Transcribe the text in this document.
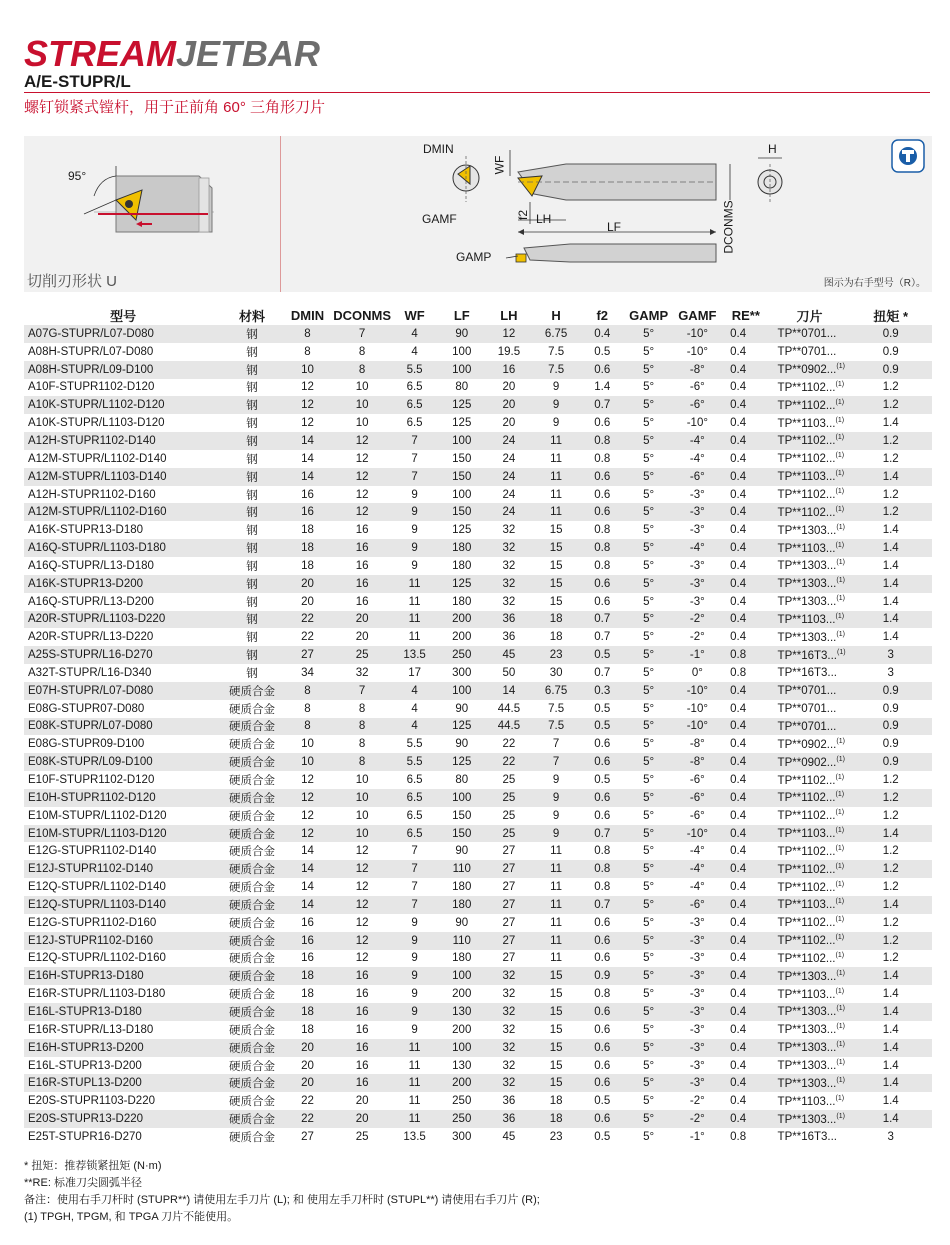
STREAMJETBAR
A/E-STUPR/L
螺钉锁紧式镗杆，用于正前角 60° 三角形刀片
95°
切削刃形状 U
DMIN
GAMF
WF
f2 LH
LF
GAMP
DCONMS
H
图示为右手型号（R）。
型号	材料	DMIN	DCONMS	WF	LF	LH	H	f2	GAMP	GAMF	RE**	刀片	扭矩 *
A07G-STUPR/L07-D080	钢	8	7	4	90	12	6.75	0.4	5°	-10°	0.4	TP**0701...	0.9
A08H-STUPR/L07-D080	钢	8	8	4	100	19.5	7.5	0.5	5°	-10°	0.4	TP**0701...	0.9
A08H-STUPR/L09-D100	钢	10	8	5.5	100	16	7.5	0.6	5°	-8°	0.4	TP**0902...$^{(1)}$	0.9
A10F-STUPR1102-D120	钢	12	10	6.5	80	20	9	1.4	5°	-6°	0.4	TP**1102...$^{(1)}$	1.2
A10K-STUPR/L1102-D120	钢	12	10	6.5	125	20	9	0.7	5°	-6°	0.4	TP**1102...$^{(1)}$	1.2
A10K-STUPR/L1103-D120	钢	12	10	6.5	125	20	9	0.6	5°	-10°	0.4	TP**1103...$^{(1)}$	1.4
A12H-STUPR1102-D140	钢	14	12	7	100	24	11	0.8	5°	-4°	0.4	TP**1102...$^{(1)}$	1.2
A12M-STUPR/L1102-D140	钢	14	12	7	150	24	11	0.8	5°	-4°	0.4	TP**1102...$^{(1)}$	1.2
A12M-STUPR/L1103-D140	钢	14	12	7	150	24	11	0.6	5°	-6°	0.4	TP**1103...$^{(1)}$	1.4
A12H-STUPR1102-D160	钢	16	12	9	100	24	11	0.6	5°	-3°	0.4	TP**1102...$^{(1)}$	1.2
A12M-STUPR/L1102-D160	钢	16	12	9	150	24	11	0.6	5°	-3°	0.4	TP**1102...$^{(1)}$	1.2
A16K-STUPR13-D180	钢	18	16	9	125	32	15	0.8	5°	-3°	0.4	TP**1303...$^{(1)}$	1.4
A16Q-STUPR/L1103-D180	钢	18	16	9	180	32	15	0.8	5°	-4°	0.4	TP**1103...$^{(1)}$	1.4
A16Q-STUPR/L13-D180	钢	18	16	9	180	32	15	0.8	5°	-3°	0.4	TP**1303...$^{(1)}$	1.4
A16K-STUPR13-D200	钢	20	16	11	125	32	15	0.6	5°	-3°	0.4	TP**1303...$^{(1)}$	1.4
A16Q-STUPR/L13-D200	钢	20	16	11	180	32	15	0.6	5°	-3°	0.4	TP**1303...$^{(1)}$	1.4
A20R-STUPR/L1103-D220	钢	22	20	11	200	36	18	0.7	5°	-2°	0.4	TP**1103...$^{(1)}$	1.4
A20R-STUPR/L13-D220	钢	22	20	11	200	36	18	0.7	5°	-2°	0.4	TP**1303...$^{(1)}$	1.4
A25S-STUPR/L16-D270	钢	27	25	13.5	250	45	23	0.5	5°	-1°	0.8	TP**16T3...$^{(1)}$	3
A32T-STUPR/L16-D340	钢	34	32	17	300	50	30	0.7	5°	0°	0.8	TP**16T3...	3
E07H-STUPR/L07-D080	硬质合金	8	7	4	100	14	6.75	0.3	5°	-10°	0.4	TP**0701...	0.9
E08G-STUPR07-D080	硬质合金	8	8	4	90	44.5	7.5	0.5	5°	-10°	0.4	TP**0701...	0.9
E08K-STUPR/L07-D080	硬质合金	8	8	4	125	44.5	7.5	0.5	5°	-10°	0.4	TP**0701...	0.9
E08G-STUPR09-D100	硬质合金	10	8	5.5	90	22	7	0.6	5°	-8°	0.4	TP**0902...$^{(1)}$	0.9
E08K-STUPR/L09-D100	硬质合金	10	8	5.5	125	22	7	0.6	5°	-8°	0.4	TP**0902...$^{(1)}$	0.9
E10F-STUPR1102-D120	硬质合金	12	10	6.5	80	25	9	0.5	5°	-6°	0.4	TP**1102...$^{(1)}$	1.2
E10H-STUPR1102-D120	硬质合金	12	10	6.5	100	25	9	0.6	5°	-6°	0.4	TP**1102...$^{(1)}$	1.2
E10M-STUPR/L1102-D120	硬质合金	12	10	6.5	150	25	9	0.6	5°	-6°	0.4	TP**1102...$^{(1)}$	1.2
E10M-STUPR/L1103-D120	硬质合金	12	10	6.5	150	25	9	0.7	5°	-10°	0.4	TP**1103...$^{(1)}$	1.4
E12G-STUPR1102-D140	硬质合金	14	12	7	90	27	11	0.8	5°	-4°	0.4	TP**1102...$^{(1)}$	1.2
E12J-STUPR1102-D140	硬质合金	14	12	7	110	27	11	0.8	5°	-4°	0.4	TP**1102...$^{(1)}$	1.2
E12Q-STUPR/L1102-D140	硬质合金	14	12	7	180	27	11	0.8	5°	-4°	0.4	TP**1102...$^{(1)}$	1.2
E12Q-STUPR/L1103-D140	硬质合金	14	12	7	180	27	11	0.7	5°	-6°	0.4	TP**1103...$^{(1)}$	1.4
E12G-STUPR1102-D160	硬质合金	16	12	9	90	27	11	0.6	5°	-3°	0.4	TP**1102...$^{(1)}$	1.2
E12J-STUPR1102-D160	硬质合金	16	12	9	110	27	11	0.6	5°	-3°	0.4	TP**1102...$^{(1)}$	1.2
E12Q-STUPR/L1102-D160	硬质合金	16	12	9	180	27	11	0.6	5°	-3°	0.4	TP**1102...$^{(1)}$	1.2
E16H-STUPR13-D180	硬质合金	18	16	9	100	32	15	0.9	5°	-3°	0.4	TP**1303...$^{(1)}$	1.4
E16R-STUPR/L1103-D180	硬质合金	18	16	9	200	32	15	0.8	5°	-3°	0.4	TP**1103...$^{(1)}$	1.4
E16L-STUPR13-D180	硬质合金	18	16	9	130	32	15	0.6	5°	-3°	0.4	TP**1303...$^{(1)}$	1.4
E16R-STUPR/L13-D180	硬质合金	18	16	9	200	32	15	0.6	5°	-3°	0.4	TP**1303...$^{(1)}$	1.4
E16H-STUPR13-D200	硬质合金	20	16	11	100	32	15	0.6	5°	-3°	0.4	TP**1303...$^{(1)}$	1.4
E16L-STUPR13-D200	硬质合金	20	16	11	130	32	15	0.6	5°	-3°	0.4	TP**1303...$^{(1)}$	1.4
E16R-STUPL13-D200	硬质合金	20	16	11	200	32	15	0.6	5°	-3°	0.4	TP**1303...$^{(1)}$	1.4
E20S-STUPR1103-D220	硬质合金	22	20	11	250	36	18	0.5	5°	-2°	0.4	TP**1103...$^{(1)}$	1.4
E20S-STUPR13-D220	硬质合金	22	20	11	250	36	18	0.6	5°	-2°	0.4	TP**1303...$^{(1)}$	1.4
E25T-STUPR16-D270	硬质合金	27	25	13.5	300	45	23	0.5	5°	-1°	0.8	TP**16T3...	3
* 扭矩：推荐锁紧扭矩 (N·m)
**RE: 标准刀尖圆弧半径
备注：使用右手刀杆时 (STUPR**) 请使用左手刀片 (L); 和 使用左手刀杆时 (STUPL**) 请使用右手刀片 (R);
(1) TPGH, TPGM, 和 TPGA 刀片不能使用。
